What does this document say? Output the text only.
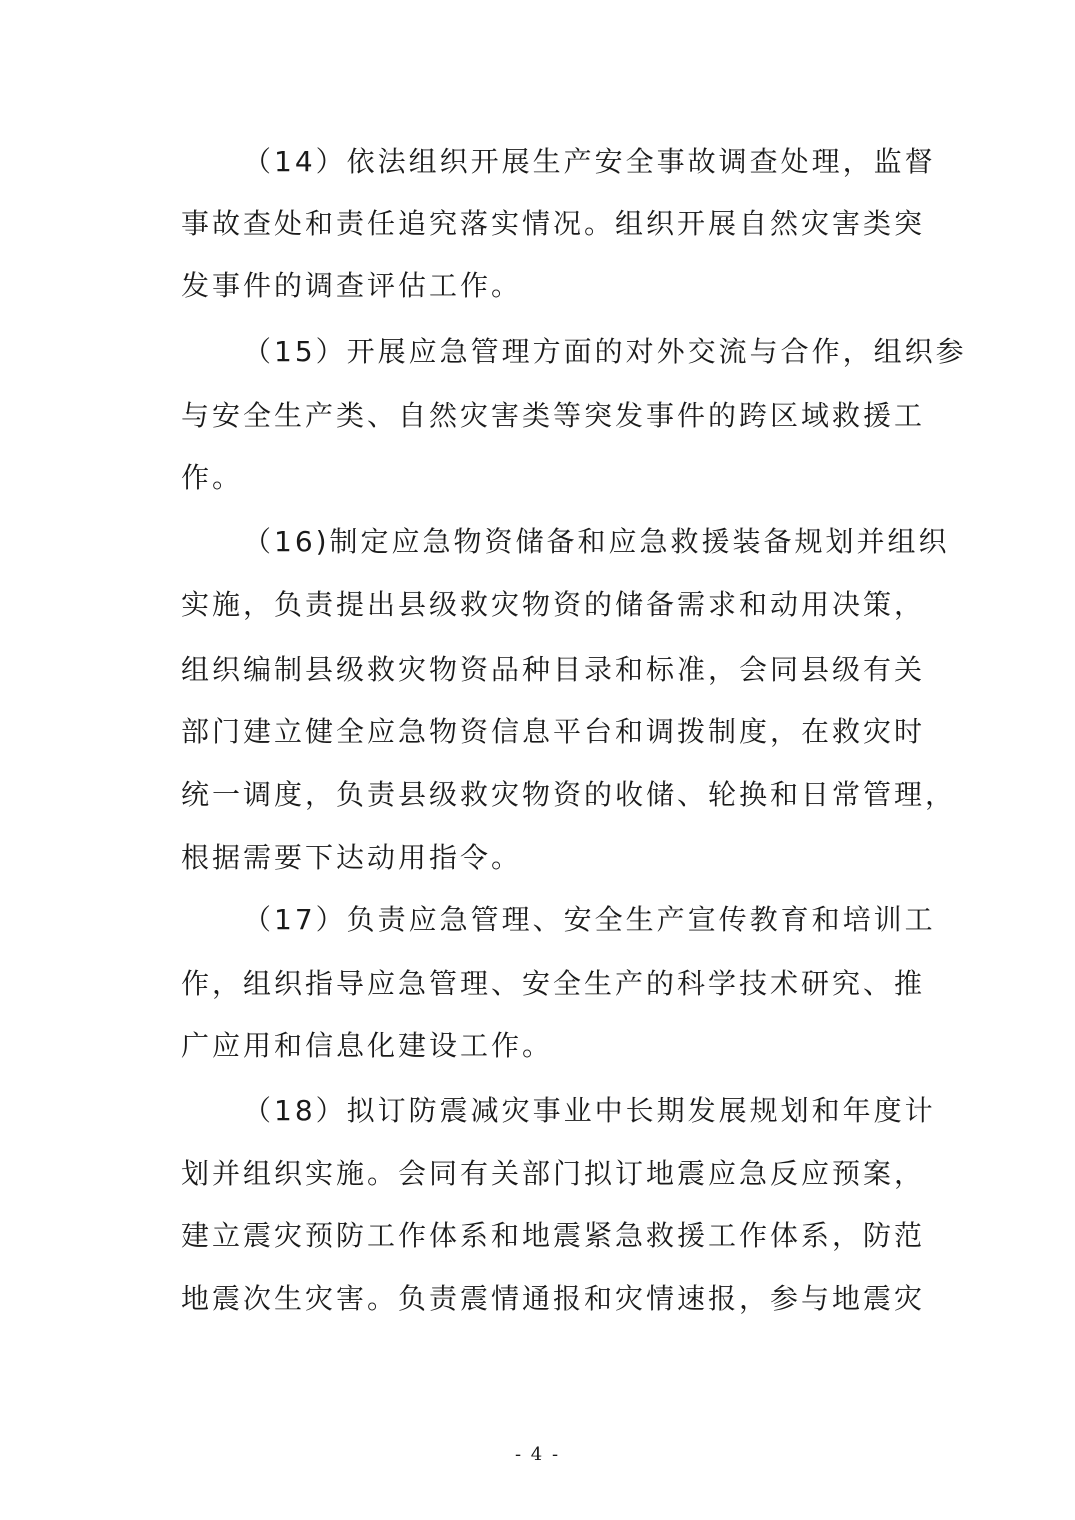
（14）依法组织开展生产安全事故调查处理，监督
事故查处和责任追究落实情况。组织开展自然灾害类突
发事件的调查评估工作。
（15）开展应急管理方面的对外交流与合作，组织参
与安全生产类、自然灾害类等突发事件的跨区域救援工
作。
（16)制定应急物资储备和应急救援装备规划并组织
实施，负责提出县级救灾物资的储备需求和动用决策，
组织编制县级救灾物资品种目录和标准，会同县级有关
部门建立健全应急物资信息平台和调拨制度，在救灾时
统一调度，负责县级救灾物资的收储、轮换和日常管理，
根据需要下达动用指令。
（17）负责应急管理、安全生产宣传教育和培训工
作，组织指导应急管理、安全生产的科学技术研究、推
广应用和信息化建设工作。
（18）拟订防震减灾事业中长期发展规划和年度计
划并组织实施。会同有关部门拟订地震应急反应预案，
建立震灾预防工作体系和地震紧急救援工作体系，防范
地震次生灾害。负责震情通报和灾情速报，参与地震灾
- 4 -
